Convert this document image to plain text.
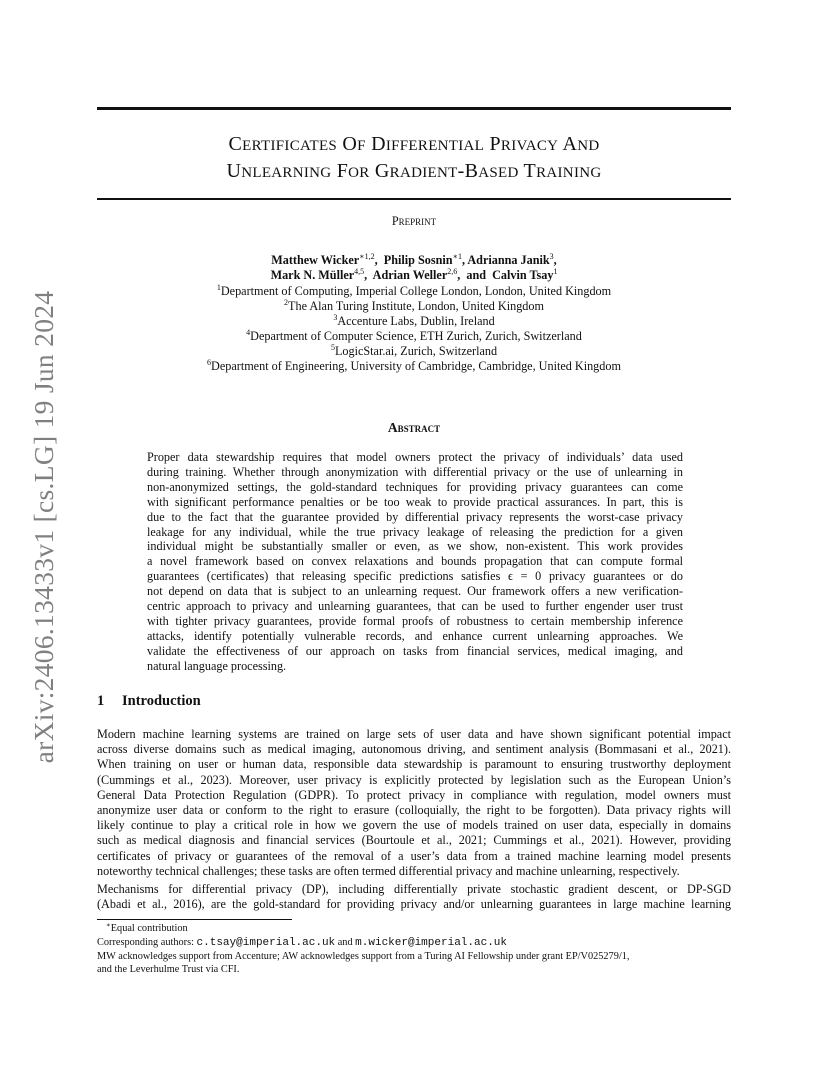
arXiv:2406.13433v1 [cs.LG] 19 Jun 2024
CERTIFICATES OF DIFFERENTIAL PRIVACY AND
UNLEARNING FOR GRADIENT-BASED TRAINING
Preprint
Matthew Wicker$^{∗1,2}$,  Philip Sosnin$^{∗1}$, Adrianna Janik$^3$,
Mark N. Müller$^{4,5}$,  Adrian Weller$^{2,6}$,  and Calvin Tsay$^1$
$^1$Department of Computing, Imperial College London, London, United Kingdom
$^2$The Alan Turing Institute, London, United Kingdom
$^3$Accenture Labs, Dublin, Ireland
$^4$Department of Computer Science, ETH Zurich, Zurich, Switzerland
$^5$LogicStar.ai, Zurich, Switzerland
$^6$Department of Engineering, University of Cambridge, Cambridge, United Kingdom
Abstract
Proper data stewardship requires that model owners protect the privacy of individuals’ data used
during training. Whether through anonymization with differential privacy or the use of unlearning in
non-anonymized settings, the gold-standard techniques for providing privacy guarantees can come
with significant performance penalties or be too weak to provide practical assurances. In part, this is
due to the fact that the guarantee provided by differential privacy represents the worst-case privacy
leakage for any individual, while the true privacy leakage of releasing the prediction for a given
individual might be substantially smaller or even, as we show, non-existent. This work provides
a novel framework based on convex relaxations and bounds propagation that can compute formal
guarantees (certificates) that releasing specific predictions satisfies ϵ = 0 privacy guarantees or do
not depend on data that is subject to an unlearning request. Our framework offers a new verification-
centric approach to privacy and unlearning guarantees, that can be used to further engender user trust
with tighter privacy guarantees, provide formal proofs of robustness to certain membership inference
attacks, identify potentially vulnerable records, and enhance current unlearning approaches. We
validate the effectiveness of our approach on tasks from financial services, medical imaging, and
natural language processing.
1 Introduction
Modern machine learning systems are trained on large sets of user data and have shown significant potential impact
across diverse domains such as medical imaging, autonomous driving, and sentiment analysis (Bommasani et al., 2021).
When training on user or human data, responsible data stewardship is paramount to ensuring trustworthy deployment
(Cummings et al., 2023). Moreover, user privacy is explicitly protected by legislation such as the European Union’s
General Data Protection Regulation (GDPR). To protect privacy in compliance with regulation, model owners must
anonymize user data or conform to the right to erasure (colloquially, the right to be forgotten). Data privacy rights will
likely continue to play a critical role in how we govern the use of models trained on user data, especially in domains
such as medical diagnosis and financial services (Bourtoule et al., 2021; Cummings et al., 2021). However, providing
certificates of privacy or guarantees of the removal of a user’s data from a trained machine learning model presents
noteworthy technical challenges; these tasks are often termed differential privacy and machine unlearning, respectively.
Mechanisms for differential privacy (DP), including differentially private stochastic gradient descent, or DP-SGD
(Abadi et al., 2016), are the gold-standard for providing privacy and/or unlearning guarantees in large machine learning
∗Equal contribution
Corresponding authors: c.tsay@imperial.ac.uk and m.wicker@imperial.ac.uk
MW acknowledges support from Accenture; AW acknowledges support from a Turing AI Fellowship under grant EP/V025279/1,
and the Leverhulme Trust via CFI.
